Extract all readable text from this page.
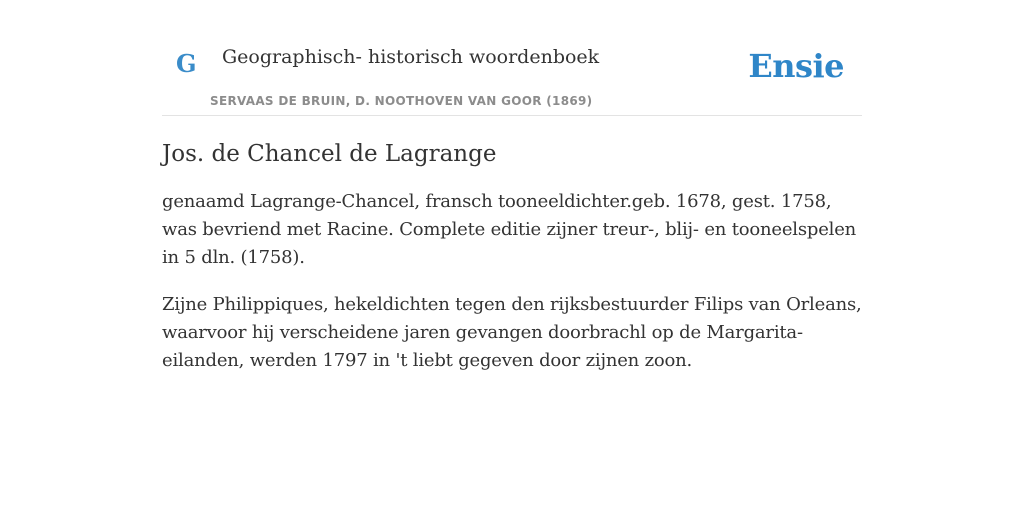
G Geographisch- historisch woordenboek
SERVAAS DE BRUIN, D. NOOTHOVEN VAN GOOR (1869)
Ensie
Jos. de Chancel de Lagrange

genaamd Lagrange-Chancel, fransch tooneeldichter.geb. 1678, gest. 1758, was bevriend met Racine. Complete editie zijner treur-, blij- en tooneelspelen in 5 dln. (1758).

Zijne Philippiques, hekeldichten tegen den rijksbestuurder Filips van Orleans, waarvoor hij verscheidene jaren gevangen doorbrachl op de Margarita-eilanden, werden 1797 in 't liebt gegeven door zijnen zoon.
